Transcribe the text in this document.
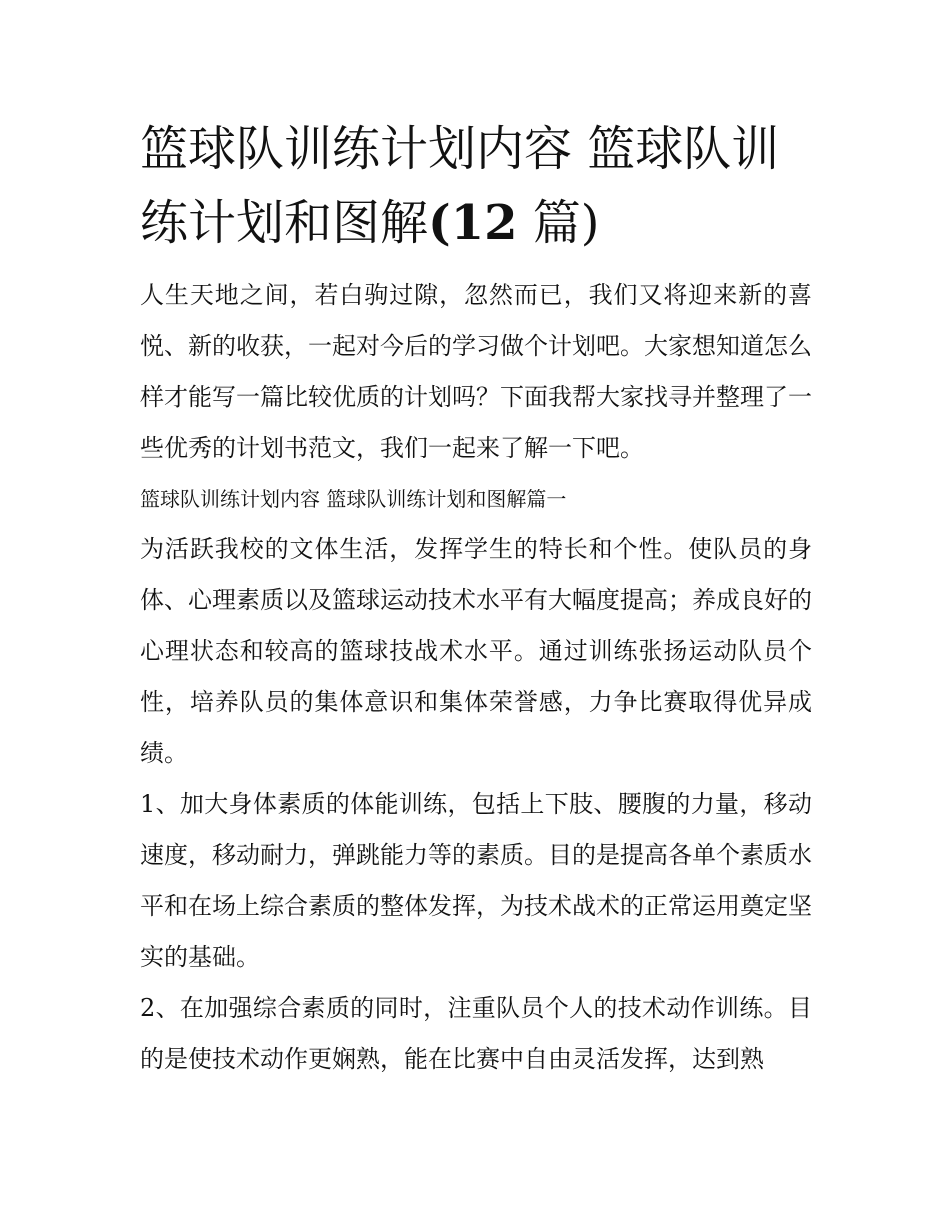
篮球队训练计划内容 篮球队训练计划和图解(12 篇)

人生天地之间，若白驹过隙，忽然而已，我们又将迎来新的喜悦、新的收获，一起对今后的学习做个计划吧。大家想知道怎么样才能写一篇比较优质的计划吗？下面我帮大家找寻并整理了一些优秀的计划书范文，我们一起来了解一下吧。

篮球队训练计划内容 篮球队训练计划和图解篇一

为活跃我校的文体生活，发挥学生的特长和个性。使队员的身体、心理素质以及篮球运动技术水平有大幅度提高；养成良好的心理状态和较高的篮球技战术水平。通过训练张扬运动队员个性，培养队员的集体意识和集体荣誉感，力争比赛取得优异成绩。

1、加大身体素质的体能训练，包括上下肢、腰腹的力量，移动速度，移动耐力，弹跳能力等的素质。目的是提高各单个素质水平和在场上综合素质的整体发挥，为技术战术的正常运用奠定坚实的基础。

2、在加强综合素质的同时，注重队员个人的技术动作训练。目的是使技术动作更娴熟，能在比赛中自由灵活发挥，达到熟
